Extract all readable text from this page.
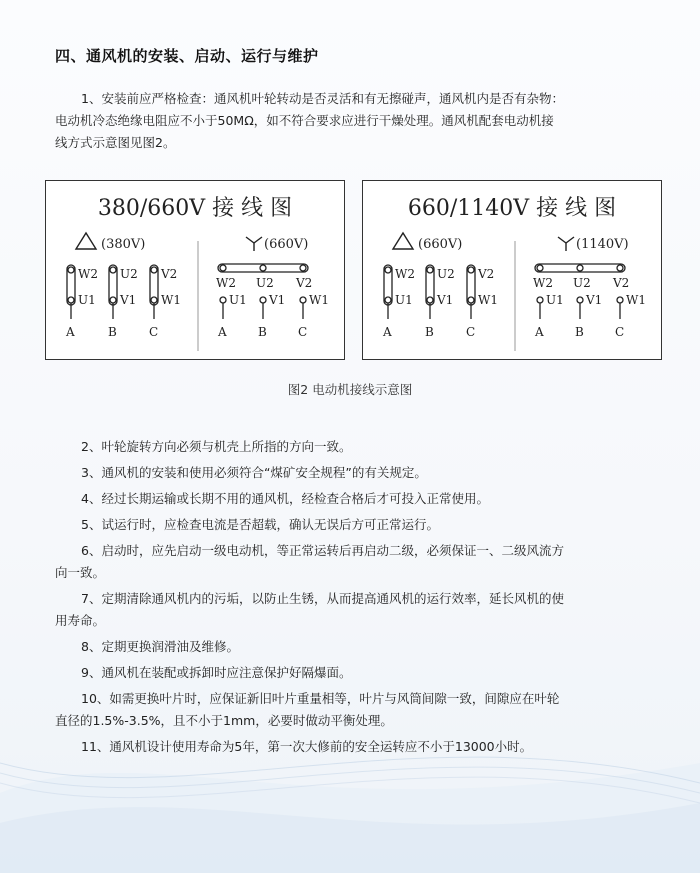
四、通风机的安装、启动、运行与维护
1、安装前应严格检查：通风机叶轮转动是否灵活和有无擦碰声，通风机内是否有杂物：
电动机冷态绝缘电阻应不小于50MΩ，如不符合要求应进行干燥处理。通风机配套电动机接
线方式示意图见图2。
380/660V 接 线 图
(380V)
W2 U2 V2
U1 V1 W1
A	B	C
(660V)
W2 U2 V2
U1 V1 W1
A	B	C
660/1140V 接 线 图
(660V)
W2 U2 V2
U1 V1 W1
A	B	C
(1140V)
W2 U2 V2
U1 V1 W1
A	B	C
图2 电动机接线示意图
2、叶轮旋转方向必须与机壳上所指的方向一致。
3、通风机的安装和使用必须符合“煤矿安全规程”的有关规定。
4、经过长期运输或长期不用的通风机，经检查合格后才可投入正常使用。
5、试运行时，应检查电流是否超载，确认无误后方可正常运行。
6、启动时，应先启动一级电动机，等正常运转后再启动二级，必须保证一、二级风流方
向一致。
7、定期清除通风机内的污垢，以防止生锈，从而提高通风机的运行效率，延长风机的使
用寿命。
8、定期更换润滑油及维修。
9、通风机在装配或拆卸时应注意保护好隔爆面。
10、如需更换叶片时，应保证新旧叶片重量相等，叶片与风筒间隙一致，间隙应在叶轮
直径的1.5%-3.5%，且不小于1mm，必要时做动平衡处理。
11、通风机设计使用寿命为5年，第一次大修前的安全运转应不小于13000小时。
